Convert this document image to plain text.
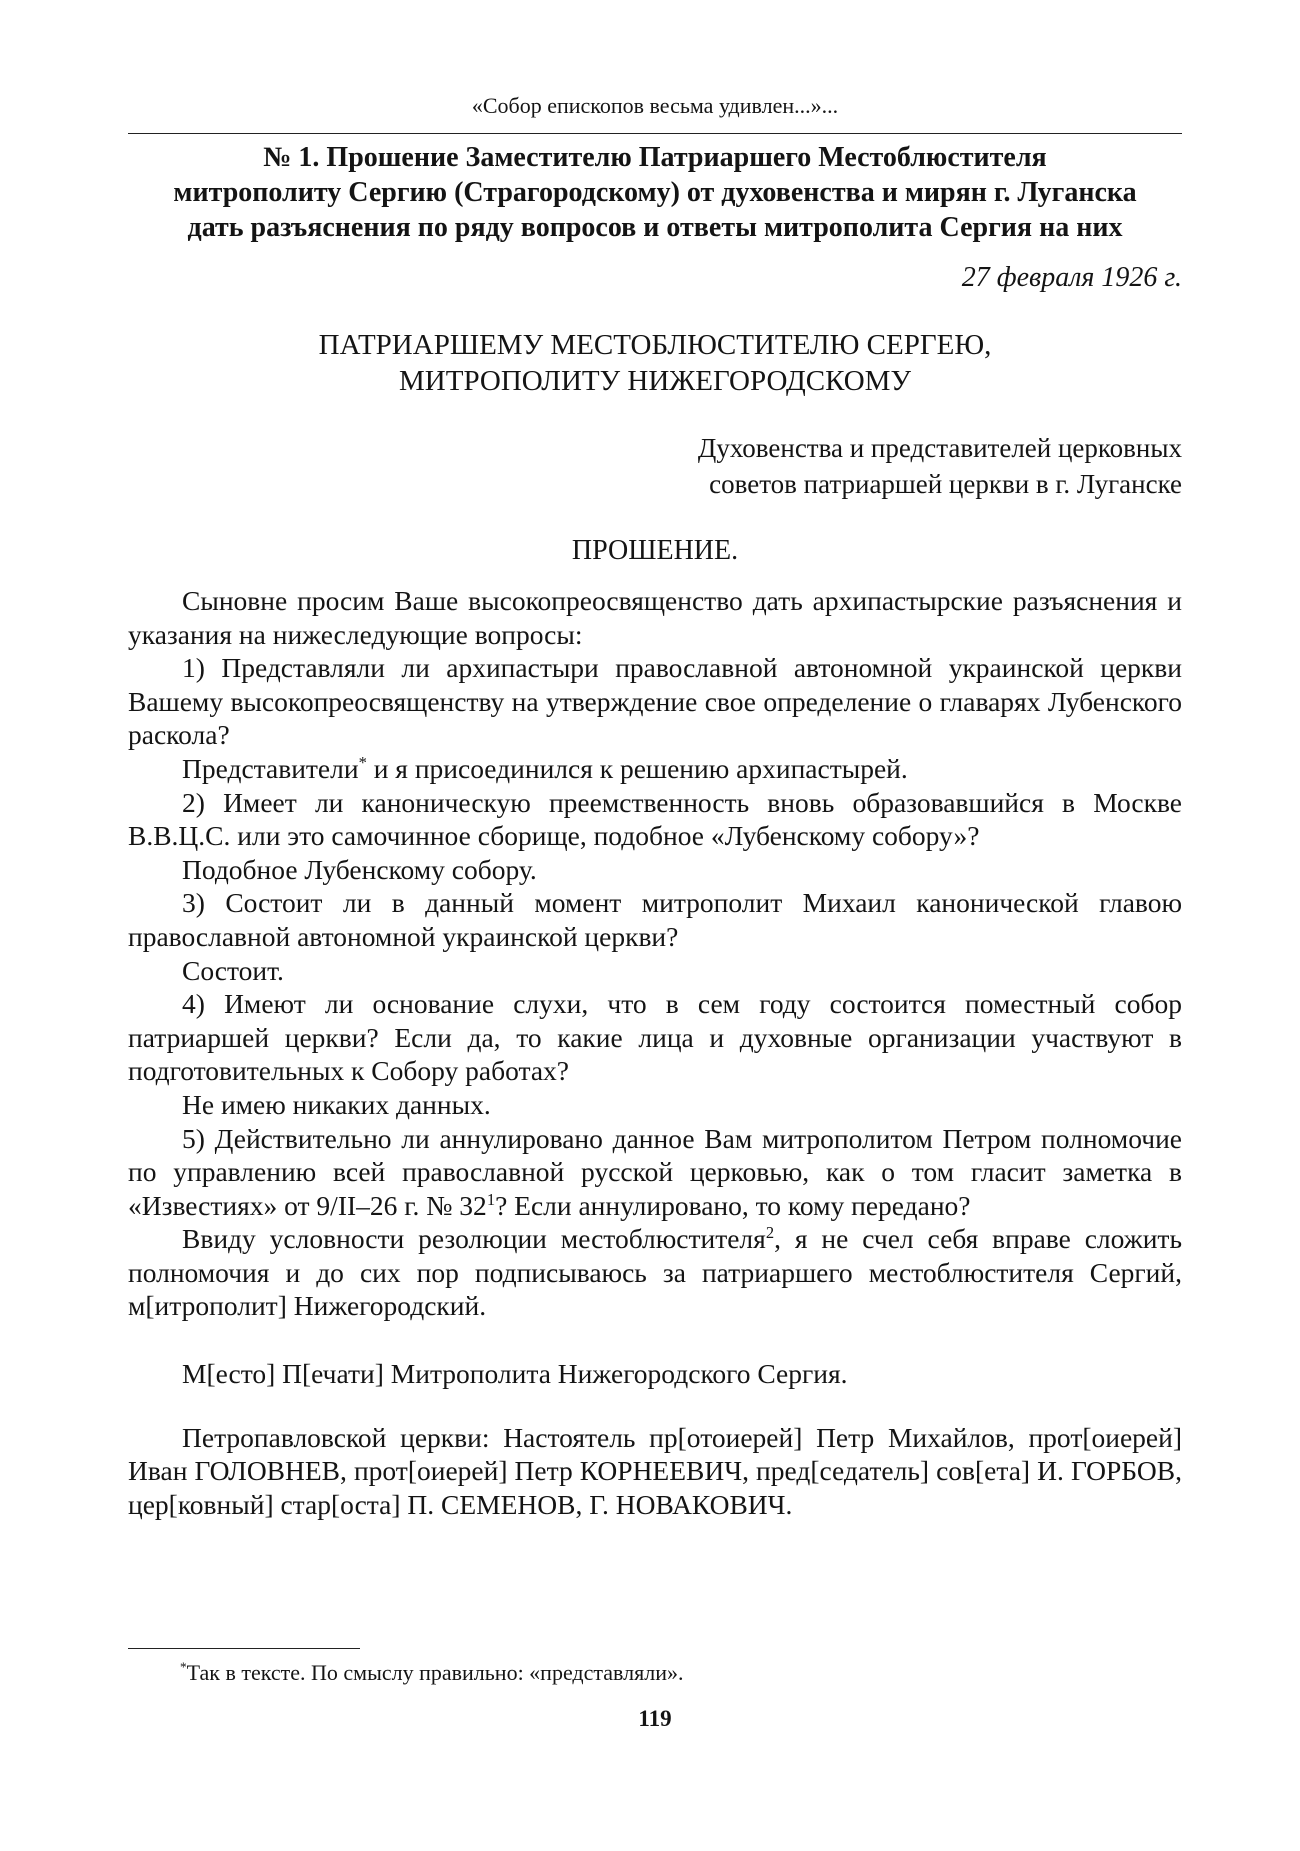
«Собор епископов весьма удивлен...»...
№ 1. Прошение Заместителю Патриаршего Местоблюстителя
митрополиту Сергию (Страгородскому) от духовенства и мирян г. Луганска
дать разъяснения по ряду вопросов и ответы митрополита Сергия на них
27 февраля 1926 г.
ПАТРИАРШЕМУ МЕСТОБЛЮСТИТЕЛЮ СЕРГЕЮ,
МИТРОПОЛИТУ НИЖЕГОРОДСКОМУ
Духовенства и представителей церковных
советов патриаршей церкви в г. Луганске
ПРОШЕНИЕ.

Сыновне просим Ваше высокопреосвященство дать архипастырские разъяснения и указания на нижеследующие вопросы:

1) Представляли ли архипастыри православной автономной украинской церкви Вашему высокопреосвященству на утверждение свое определение о главарях Лубенского раскола?

Представители* и я присоединился к решению архипастырей.

2) Имеет ли каноническую преемственность вновь образовавшийся в Москве В.В.Ц.С. или это самочинное сборище, подобное «Лубенскому собору»?

Подобное Лубенскому собору.

3) Состоит ли в данный момент митрополит Михаил канонической главою православной автономной украинской церкви?

Состоит.

4) Имеют ли основание слухи, что в сем году состоится поместный собор патриаршей церкви? Если да, то какие лица и духовные организации участвуют в подготовительных к Собору работах?

Не имею никаких данных.

5) Действительно ли аннулировано данное Вам митрополитом Петром полномочие по управлению всей православной русской церковью, как о том гласит заметка в «Известиях» от 9/II–26 г. № $32^1$? Если аннулировано, то кому передано?

Ввиду условности резолюции местоблюстителя$^2$, я не счел себя вправе сложить полномочия и до сих пор подписываюсь за патриаршего местоблюстителя Сергий, м[итрополит] Нижегородский.

М[есто] П[ечати] Митрополита Нижегородского Сергия.

Петропавловской церкви: Настоятель пр[отоиерей] Петр Михайлов, прот[оиерей] Иван ГОЛОВНЕВ, прот[оиерей] Петр КОРНЕЕВИЧ, пред[седатель] сов[ета] И. ГОРБОВ, цер[ковный] стар[оста] П. СЕМЕНОВ, Г. НОВАКОВИЧ.

*Так в тексте. По смыслу правильно: «представляли».
119
